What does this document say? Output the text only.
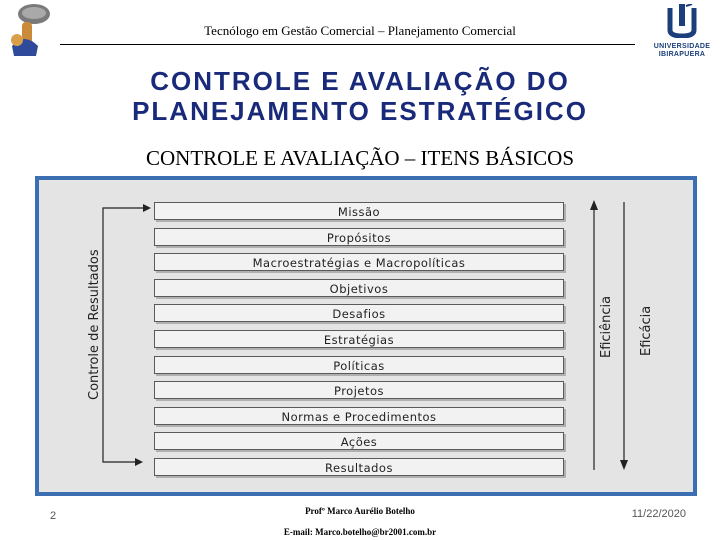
Tecnólogo em Gestão Comercial – Planejamento Comercial
UNIVERSIDADE
IBIRAPUERA
CONTROLE E AVALIAÇÃO DO
PLANEJAMENTO ESTRATÉGICO
CONTROLE E AVALIAÇÃO – ITENS BÁSICOS
Controle de Resultados	Eficiência Eficácia
Missão
Propósitos
Macroestratégias e Macropolíticas
Objetivos
Desafios
Estratégias
Políticas
Projetos
Normas e Procedimentos
Ações
Resultados
2	Profº Marco Aurélio Botelho
E-mail: Marco.botelho@br2001.com.br
11/22/2020
